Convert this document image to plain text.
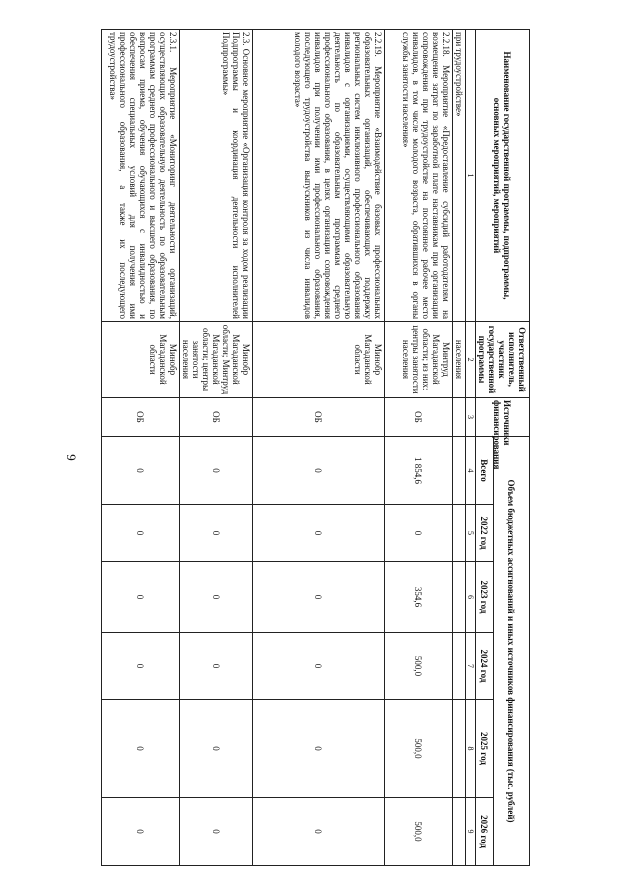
9
Наименование государственной программы, подпрограммы, основных мероприятий, мероприятий	Ответственный исполнитель, участник государственной программы	Источники финансирования	Объем бюджетных ассигнований и иных источников финансирования (тыс. рублей)					
			Всего	2022 год	2023 год	2024 год	2025 год	2026 год
1	2	3	4	5	6	7	8	9
при трудоустройстве»	населения							
2.2.18. Мероприятие «Предоставление субсидий работодателям на возмещение затрат по заработной плате наставникам при организации сопровождения при трудоустройстве на постоянное рабочее место инвалидов, в том числе молодого возраста, обратившихся в органы службы занятости населения»	Минтруд Магаданской области; из них: центры занятости населения	ОБ	1 854,6	0	354,6	500,0	500,0	500,0
2.2.19. Мероприятие «Взаимодействие базовых профессиональных образовательных организаций, обеспечивающих поддержку региональных систем инклюзивного профессионального образования инвалидов с организациями, осуществляющими образовательную деятельность по образовательным программам среднего профессионального образования, в целях организации сопровождения инвалидов при получении ими профессионального образования, последующего трудоустройства выпускников из числа инвалидов молодого возраста»	Минобр Магаданской области	ОБ	0	0	0	0	0	0
2.3. Основное мероприятие «Организация контроля за ходом реализации Подпрограммы и координация деятельности исполнителей Подпрограммы»	Минобр Магаданской области; Минтруд Магаданской области; центры занятости населения	ОБ	0	0	0	0	0	0
2.3.1. Мероприятие «Мониторинг деятельности организаций, осуществляющих образовательную деятельность по образовательным программам среднего профессионального и высшего образования, по вопросам приема, обучения обучающихся с инвалидностью и обеспечения специальных условий для получения ими профессионального образования, а также их последующего трудоустройства»	Минобр Магаданской области	ОБ	0	0	0	0	0	0
